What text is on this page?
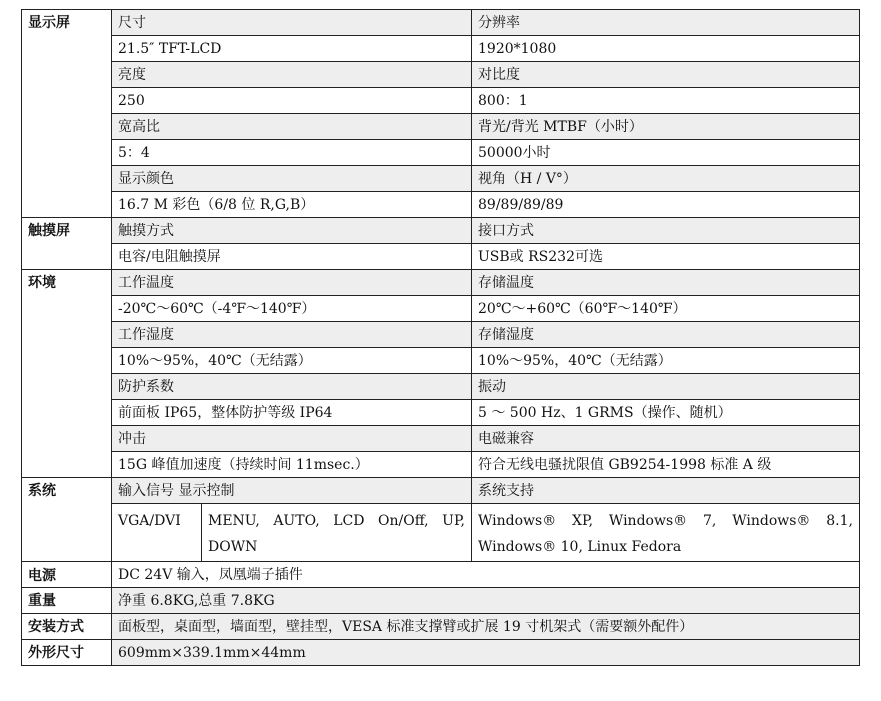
显示屏	尺寸		分辨率
	21.5″ TFT-LCD		1920*1080
	亮度		对比度
	250		800：1
	宽高比		背光/背光 MTBF（小时）
	5：4		50000小时
	显示颜色		视角（H / V°）
	16.7 M 彩色（6/8 位 R,G,B）		89/89/89/89
触摸屏	触摸方式		接口方式
	电容/电阻触摸屏		USB或 RS232可选
环境	工作温度		存储温度
	-20℃～60℃（-4℉～140℉）		20℃～+60℃（60℉～140℉）
	工作湿度		存储湿度
	10%～95%，40℃（无结露）		10%～95%，40℃（无结露）
	防护系数		振动
	前面板 IP65，整体防护等级 IP64		5 ～ 500 Hz、1 GRMS（操作、随机）
	冲击		电磁兼容
	15G 峰值加速度（持续时间 11msec.）		符合无线电骚扰限值 GB9254-1998 标准 A 级
系统	输入信号 显示控制		系统支持
	VGA/DVI	MENU, AUTO, LCD On/Off, UP, DOWN	Windows® XP, Windows® 7, Windows® 8.1, Windows® 10, Linux Fedora
电源	DC 24V 输入，凤凰端子插件		
重量	净重 6.8KG,总重 7.8KG		
安装方式	面板型，桌面型，墙面型，壁挂型，VESA 标准支撑臂或扩展 19 寸机架式（需要额外配件）		
外形尺寸	609mm×339.1mm×44mm		
